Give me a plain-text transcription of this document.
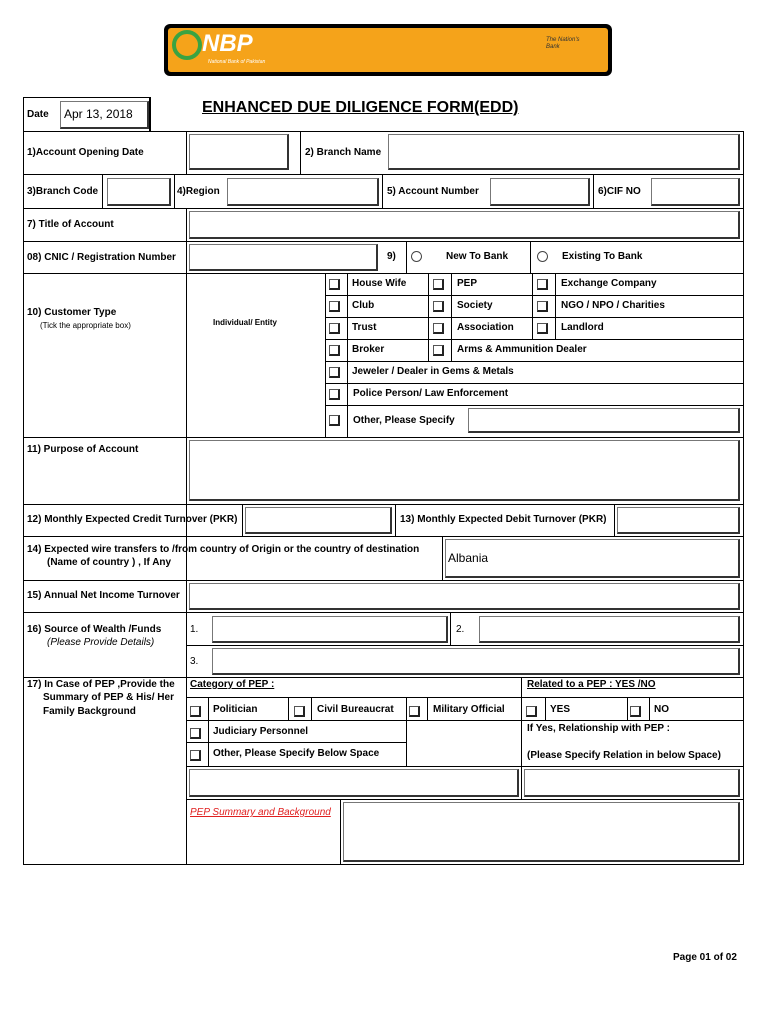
NBP
National Bank of Pakistan
The Nation's Bank
Date Apr 13, 2018	ENHANCED DUE DILIGENCE FORM(EDD)
1)Account Opening Date	2) Branch Name
3)Branch Code	4)Region	5) Account Number	6)CIF NO
7) Title of Account
08) CNIC / Registration Number	9)	New To Bank	Existing To Bank
10) Customer Type
(Tick the appropriate box)	Individual/ Entity
House Wife	PEP	Exchange Company
Club	Society	NGO / NPO / Charities
Trust	Association	Landlord
Broker	Arms & Ammunition Dealer
Jeweler / Dealer in Gems & Metals
Police Person/ Law Enforcement
Other, Please Specify
11) Purpose of Account
12) Monthly Expected Credit Turnover (PKR)	13) Monthly Expected Debit Turnover (PKR)
14) Expected wire transfers to /from country of Origin or the country of destination
(Name of country ) , If Any	Albania
15) Annual Net Income Turnover
16) Source of Wealth /Funds
(Please Provide Details)
1.	2.
3.
17) In Case of PEP ,Provide the
Summary of PEP & His/ Her
Family Background
Category of PEP :	Related to a PEP : YES /NO
Politician	Civil Bureaucrat	Military Official	YES	NO
Judiciary Personnel	If Yes, Relationship with PEP :
Other, Please Specify Below Space	(Please Specify Relation in below Space)
PEP Summary and Background
Page 01 of 02
